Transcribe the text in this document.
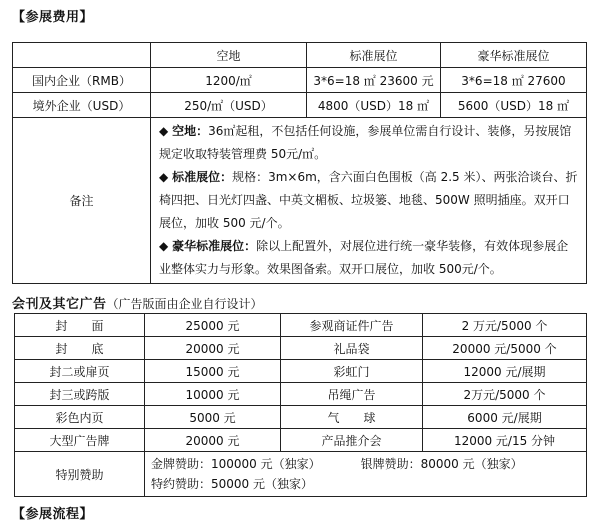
【参展费用】
	空地	标准展位	豪华标准展位
国内企业（RMB）	1200/㎡	3*6=18 ㎡ 23600 元	3*6=18 ㎡ 27600
境外企业（USD）	250/㎡（USD）	4800（USD）18 ㎡	5600（USD）18 ㎡
备注	◆ 空地：36㎡起租，不包括任何设施，参展单位需自行设计、装修，另按展馆规定收取特装管理费 50元/㎡。

◆ 标准展位：规格：3m×6m，含六面白色围板（高 2.5 米）、两张洽谈台、折椅四把、日光灯四盏、中英文楣板、垃圾篓、地毯、500W 照明插座。双开口展位，加收 500 元/个。

◆ 豪华标准展位：除以上配置外，对展位进行统一豪华装修，有效体现参展企业整体实力与形象。效果图备索。双开口展位，加收 500元/个。		

会刊及其它广告（广告版面由企业自行设计）
封　　面	25000 元	参观商证件广告	2 万元/5000 个
封　　底	20000 元	礼品袋	20000 元/5000 个
封二或扉页	15000 元	彩虹门	12000 元/展期
封三或跨版	10000 元	吊绳广告	2万元/5000 个
彩色内页	5000 元	气　　球	6000 元/展期
大型广告牌	20000 元	产品推介会	12000 元/15 分钟
特别赞助	金牌赞助：100000 元（独家） 银牌赞助：80000 元（独家）
特约赞助：50000 元（独家）		
【参展流程】
